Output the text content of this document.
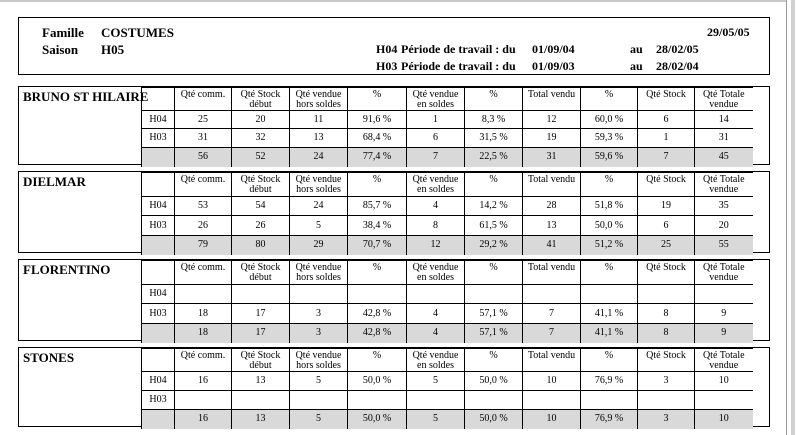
Famille COSTUMES
Saison H05
29/05/05
H04 Période de travail : du 01/09/04	au 28/02/05
H03 Période de travail : du 01/09/03	au 28/02/04
BRUNO ST HILAIRE
		Qté comm.	Qté Stock début	Qté vendue hors soldes	%	Qté vendue en soldes	%	Total vendu	%	Qté Stock	Qté Totale vendue
H04	25	20	11	91,6 %	1	8,3 %	12	60,0 %	6	14
H03	31	32	13	68,4 %	6	31,5 %	19	59,3 %	1	31
	56	52	24	77,4 %	7	22,5 %	31	59,6 %	7	45
DIELMAR
		Qté comm.	Qté Stock début	Qté vendue hors soldes	%	Qté vendue en soldes	%	Total vendu	%	Qté Stock	Qté Totale vendue
H04	53	54	24	85,7 %	4	14,2 %	28	51,8 %	19	35
H03	26	26	5	38,4 %	8	61,5 %	13	50,0 %	6	20
	79	80	29	70,7 %	12	29,2 %	41	51,2 %	25	55
FLORENTINO
		Qté comm.	Qté Stock début	Qté vendue hors soldes	%	Qté vendue en soldes	%	Total vendu	%	Qté Stock	Qté Totale vendue
H04										
H03	18	17	3	42,8 %	4	57,1 %	7	41,1 %	8	9
	18	17	3	42,8 %	4	57,1 %	7	41,1 %	8	9
STONES
		Qté comm.	Qté Stock début	Qté vendue hors soldes	%	Qté vendue en soldes	%	Total vendu	%	Qté Stock	Qté Totale vendue
H04	16	13	5	50,0 %	5	50,0 %	10	76,9 %	3	10
H03										
	16	13	5	50,0 %	5	50,0 %	10	76,9 %	3	10
